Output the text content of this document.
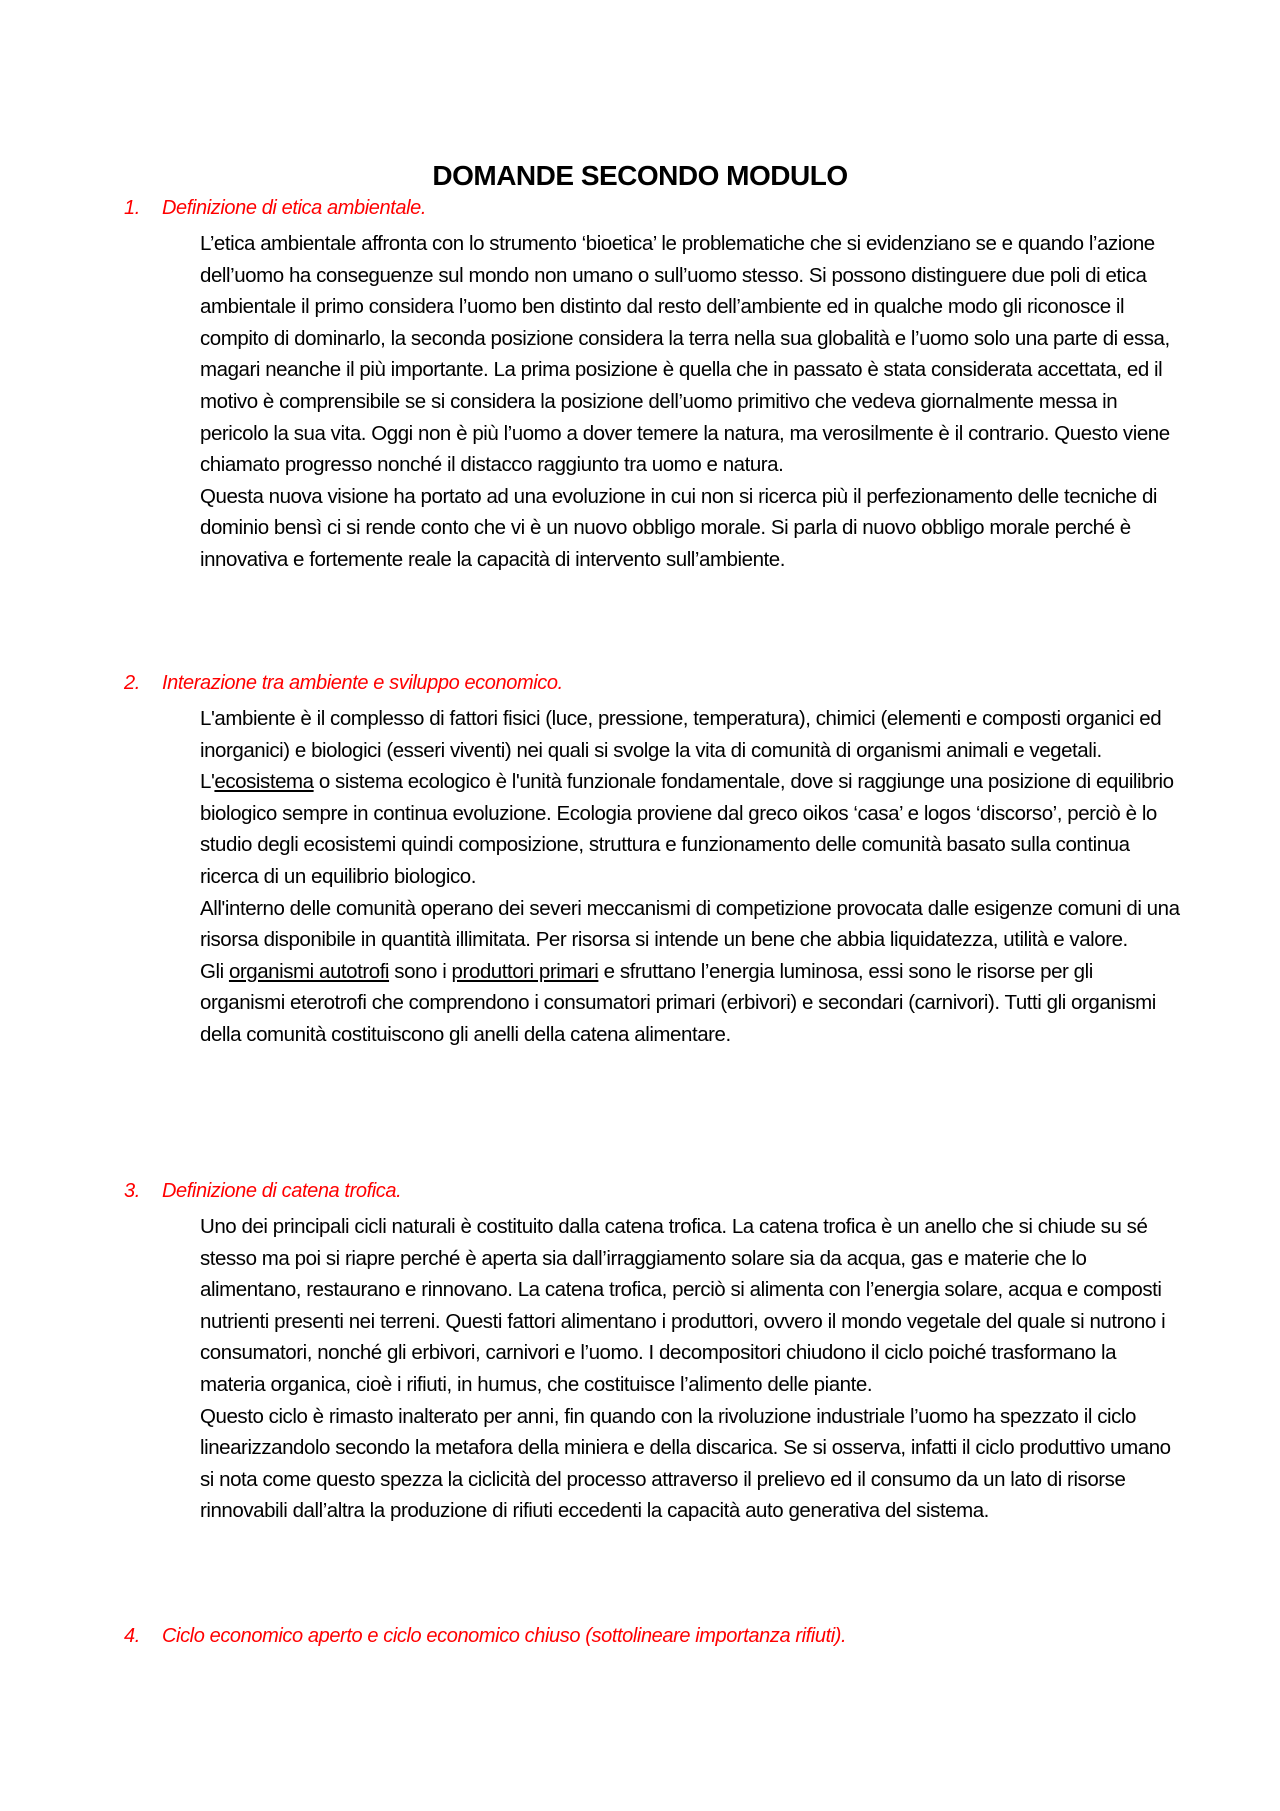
DOMANDE SECONDO MODULO
1. Definizione di etica ambientale.

L’etica ambientale affronta con lo strumento ‘bioetica’ le problematiche che si evidenziano se e quando l’azione dell’uomo ha conseguenze sul mondo non umano o sull’uomo stesso. Si possono distinguere due poli di etica ambientale il primo considera l’uomo ben distinto dal resto dell’ambiente ed in qualche modo gli riconosce il compito di dominarlo, la seconda posizione considera la terra nella sua globalità e l’uomo solo una parte di essa, magari neanche il più importante. La prima posizione è quella che in passato è stata considerata accettata, ed il motivo è comprensibile se si considera la posizione dell’uomo primitivo che vedeva giornalmente messa in pericolo la sua vita. Oggi non è più l’uomo a dover temere la natura, ma verosilmente è il contrario. Questo viene chiamato progresso nonché il distacco raggiunto tra uomo e natura.

Questa nuova visione ha portato ad una evoluzione in cui non si ricerca più il perfezionamento delle tecniche di dominio bensì ci si rende conto che vi è un nuovo obbligo morale. Si parla di nuovo obbligo morale perché è innovativa e fortemente reale la capacità di intervento sull’ambiente.

2. Interazione tra ambiente e sviluppo economico.

L'ambiente è il complesso di fattori fisici (luce, pressione, temperatura), chimici (elementi e composti organici ed inorganici) e biologici (esseri viventi) nei quali si svolge la vita di comunità di organismi animali e vegetali.

L'ecosistema o sistema ecologico è l'unità funzionale fondamentale, dove si raggiunge una posizione di equilibrio biologico sempre in continua evoluzione. Ecologia proviene dal greco oikos ‘casa’ e logos ‘discorso’, perciò è lo studio degli ecosistemi quindi composizione, struttura e funzionamento delle comunità basato sulla continua ricerca di un equilibrio biologico.

All'interno delle comunità operano dei severi meccanismi di competizione provocata dalle esigenze comuni di una risorsa disponibile in quantità illimitata. Per risorsa si intende un bene che abbia liquidatezza, utilità e valore.

Gli organismi autotrofi sono i produttori primari e sfruttano l’energia luminosa, essi sono le risorse per gli organismi eterotrofi che comprendono i consumatori primari (erbivori) e secondari (carnivori). Tutti gli organismi della comunità costituiscono gli anelli della catena alimentare.

3. Definizione di catena trofica.

Uno dei principali cicli naturali è costituito dalla catena trofica. La catena trofica è un anello che si chiude su sé stesso ma poi si riapre perché è aperta sia dall’irraggiamento solare sia da acqua, gas e materie che lo alimentano, restaurano e rinnovano. La catena trofica, perciò si alimenta con l’energia solare, acqua e composti nutrienti presenti nei terreni. Questi fattori alimentano i produttori, ovvero il mondo vegetale del quale si nutrono i consumatori, nonché gli erbivori, carnivori e l’uomo. I decompositori chiudono il ciclo poiché trasformano la materia organica, cioè i rifiuti, in humus, che costituisce l’alimento delle piante.

Questo ciclo è rimasto inalterato per anni, fin quando con la rivoluzione industriale l’uomo ha spezzato il ciclo linearizzandolo secondo la metafora della miniera e della discarica. Se si osserva, infatti il ciclo produttivo umano si nota come questo spezza la ciclicità del processo attraverso il prelievo ed il consumo da un lato di risorse rinnovabili dall’altra la produzione di rifiuti eccedenti la capacità auto generativa del sistema.

4. Ciclo economico aperto e ciclo economico chiuso (sottolineare importanza rifiuti).
